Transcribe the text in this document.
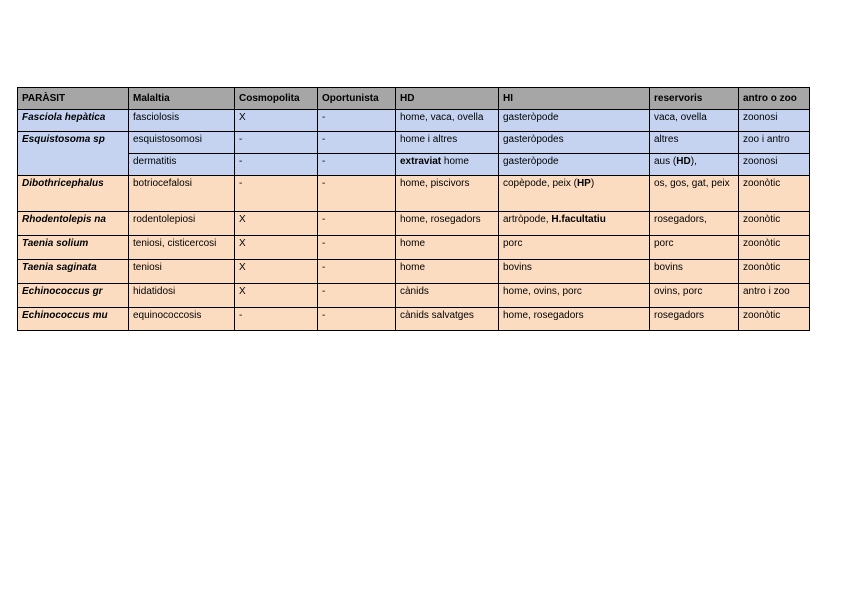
PARÀSIT	Malaltia	Cosmopolita	Oportunista	HD	HI	reservoris	antro o zoo
Fasciola hepàtica	fasciolosis	X	-	home, vaca, ovella	gasteròpode	vaca, ovella	zoonosi
Esquistosoma sp	esquistosomosi	-	-	home i altres	gasteròpodes	altres	zoo i antro
	dermatitis	-	-	extraviat home	gasteròpode	aus (HD),	zoonosi
Dibothricephalus	botriocefalosi	-	-	home, piscivors	copèpode, peix (HP)	os, gos, gat, peix	zoonòtic
Rhodentolepis na	rodentolepiosi	X	-	home, rosegadors	artròpode, H.facultatiu	rosegadors,	zoonòtic
Taenia solium	teniosi, cisticercosi	X	-	home	porc	porc	zoonòtic
Taenia saginata	teniosi	X	-	home	bovins	bovins	zoonòtic
Echinococcus gr	hidatidosi	X	-	cànids	home, ovins, porc	ovins, porc	antro i zoo
Echinococcus mu	equinococcosis	-	-	cànids salvatges	home, rosegadors	rosegadors	zoonòtic
